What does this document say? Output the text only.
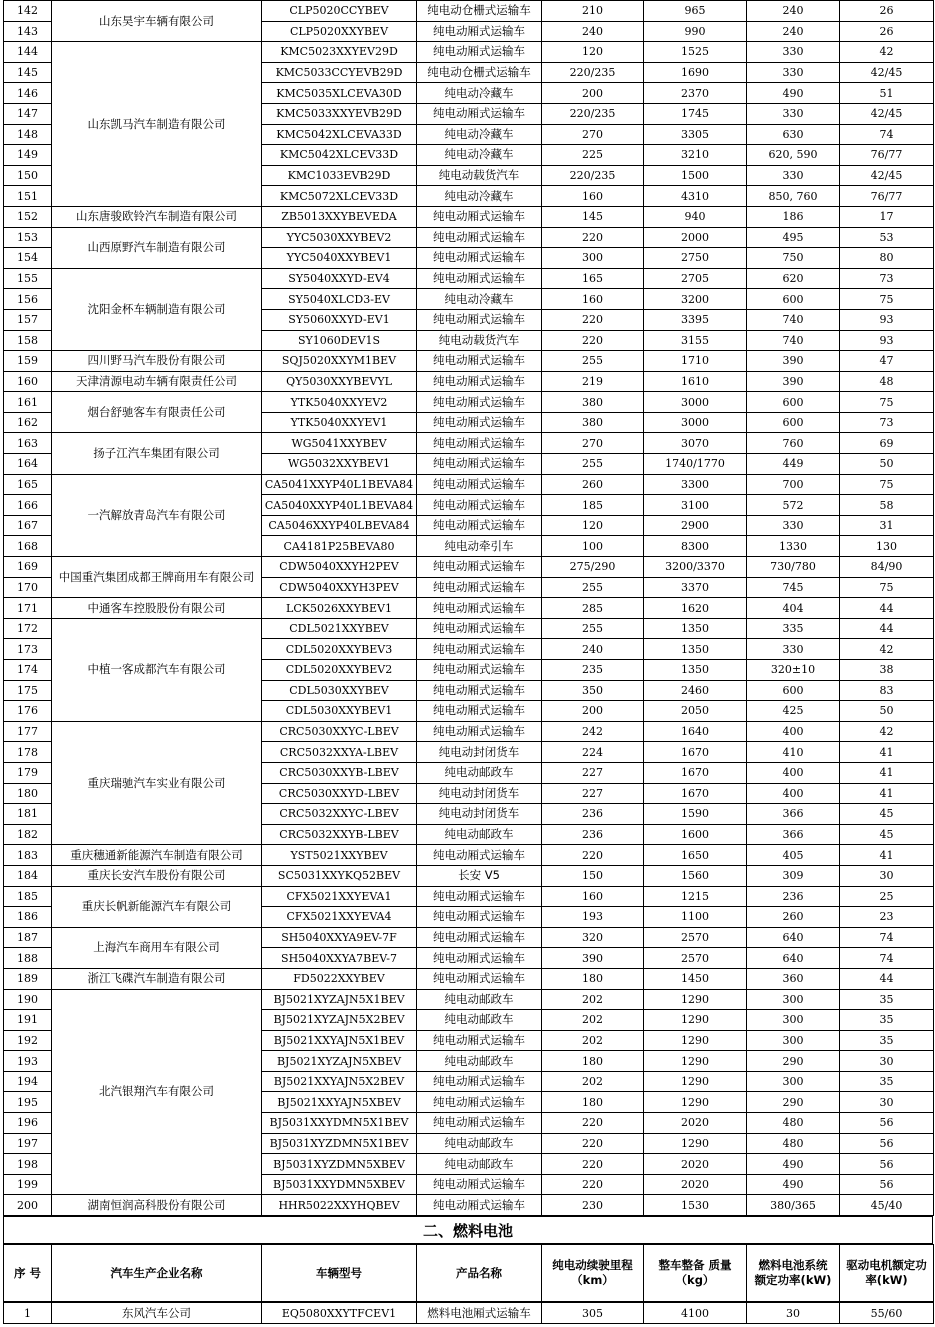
142	山东昊宇车辆有限公司	CLP5020CCYBEV	纯电动仓栅式运输车	210	965	240	26
143		CLP5020XXYBEV	纯电动厢式运输车	240	990	240	26
144	山东凯马汽车制造有限公司	KMC5023XXYEV29D	纯电动厢式运输车	120	1525	330	42
145		KMC5033CCYEVB29D	纯电动仓栅式运输车	220/235	1690	330	42/45
146		KMC5035XLCEVA30D	纯电动冷藏车	200	2370	490	51
147		KMC5033XXYEVB29D	纯电动厢式运输车	220/235	1745	330	42/45
148		KMC5042XLCEVA33D	纯电动冷藏车	270	3305	630	74
149		KMC5042XLCEV33D	纯电动冷藏车	225	3210	620, 590	76/77
150		KMC1033EVB29D	纯电动载货汽车	220/235	1500	330	42/45
151		KMC5072XLCEV33D	纯电动冷藏车	160	4310	850, 760	76/77
152	山东唐骏欧铃汽车制造有限公司	ZB5013XXYBEVEDA	纯电动厢式运输车	145	940	186	17
153	山西原野汽车制造有限公司	YYC5030XXYBEV2	纯电动厢式运输车	220	2000	495	53
154		YYC5040XXYBEV1	纯电动厢式运输车	300	2750	750	80
155	沈阳金杯车辆制造有限公司	SY5040XXYD-EV4	纯电动厢式运输车	165	2705	620	73
156		SY5040XLCD3-EV	纯电动冷藏车	160	3200	600	75
157		SY5060XXYD-EV1	纯电动厢式运输车	220	3395	740	93
158		SY1060DEV1S	纯电动载货汽车	220	3155	740	93
159	四川野马汽车股份有限公司	SQJ5020XXYM1BEV	纯电动厢式运输车	255	1710	390	47
160	天津清源电动车辆有限责任公司	QY5030XXYBEVYL	纯电动厢式运输车	219	1610	390	48
161	烟台舒驰客车有限责任公司	YTK5040XXYEV2	纯电动厢式运输车	380	3000	600	75
162		YTK5040XXYEV1	纯电动厢式运输车	380	3000	600	73
163	扬子江汽车集团有限公司	WG5041XXYBEV	纯电动厢式运输车	270	3070	760	69
164		WG5032XXYBEV1	纯电动厢式运输车	255	1740/1770	449	50
165	一汽解放青岛汽车有限公司	CA5041XXYP40L1BEVA84	纯电动厢式运输车	260	3300	700	75
166		CA5040XXYP40L1BEVA84	纯电动厢式运输车	185	3100	572	58
167		CA5046XXYP40LBEVA84	纯电动厢式运输车	120	2900	330	31
168		CA4181P25BEVA80	纯电动牵引车	100	8300	1330	130
169	中国重汽集团成都王牌商用车有限公司	CDW5040XXYH2PEV	纯电动厢式运输车	275/290	3200/3370	730/780	84/90
170		CDW5040XXYH3PEV	纯电动厢式运输车	255	3370	745	75
171	中通客车控股股份有限公司	LCK5026XXYBEV1	纯电动厢式运输车	285	1620	404	44
172	中植一客成都汽车有限公司	CDL5021XXYBEV	纯电动厢式运输车	255	1350	335	44
173		CDL5020XXYBEV3	纯电动厢式运输车	240	1350	330	42
174		CDL5020XXYBEV2	纯电动厢式运输车	235	1350	320±10	38
175		CDL5030XXYBEV	纯电动厢式运输车	350	2460	600	83
176		CDL5030XXYBEV1	纯电动厢式运输车	200	2050	425	50
177	重庆瑞驰汽车实业有限公司	CRC5030XXYC-LBEV	纯电动厢式运输车	242	1640	400	42
178		CRC5032XXYA-LBEV	纯电动封闭货车	224	1670	410	41
179		CRC5030XXYB-LBEV	纯电动邮政车	227	1670	400	41
180		CRC5030XXYD-LBEV	纯电动封闭货车	227	1670	400	41
181		CRC5032XXYC-LBEV	纯电动封闭货车	236	1590	366	45
182		CRC5032XXYB-LBEV	纯电动邮政车	236	1600	366	45
183	重庆穗通新能源汽车制造有限公司	YST5021XXYBEV	纯电动厢式运输车	220	1650	405	41
184	重庆长安汽车股份有限公司	SC5031XXYKQ52BEV	长安 V5	150	1560	309	30
185	重庆长帆新能源汽车有限公司	CFX5021XXYEVA1	纯电动厢式运输车	160	1215	236	25
186		CFX5021XXYEVA4	纯电动厢式运输车	193	1100	260	23
187	上海汽车商用车有限公司	SH5040XXYA9EV-7F	纯电动厢式运输车	320	2570	640	74
188		SH5040XXYA7BEV-7	纯电动厢式运输车	390	2570	640	74
189	浙江飞碟汽车制造有限公司	FD5022XXYBEV	纯电动厢式运输车	180	1450	360	44
190	北汽银翔汽车有限公司	BJ5021XYZAJN5X1BEV	纯电动邮政车	202	1290	300	35
191		BJ5021XYZAJN5X2BEV	纯电动邮政车	202	1290	300	35
192		BJ5021XXYAJN5X1BEV	纯电动厢式运输车	202	1290	300	35
193		BJ5021XYZAJN5XBEV	纯电动邮政车	180	1290	290	30
194		BJ5021XXYAJN5X2BEV	纯电动厢式运输车	202	1290	300	35
195		BJ5021XXYAJN5XBEV	纯电动厢式运输车	180	1290	290	30
196		BJ5031XXYDMN5X1BEV	纯电动厢式运输车	220	2020	480	56
197		BJ5031XYZDMN5X1BEV	纯电动邮政车	220	1290	480	56
198		BJ5031XYZDMN5XBEV	纯电动邮政车	220	2020	490	56
199		BJ5031XXYDMN5XBEV	纯电动厢式运输车	220	2020	490	56
200	湖南恒润高科股份有限公司	HHR5022XXYHQBEV	纯电动厢式运输车	230	1530	380/365	45/40
二、燃料电池
序 号	汽车生产企业名称	车辆型号	产品名称	纯电动续驶里程（km）	整车整备 质量（kg）	燃料电池系统额定功率(kW)	驱动电机额定功率(kW)
1	东风汽车公司	EQ5080XXYTFCEV1	燃料电池厢式运输车	305	4100	30	55/60
